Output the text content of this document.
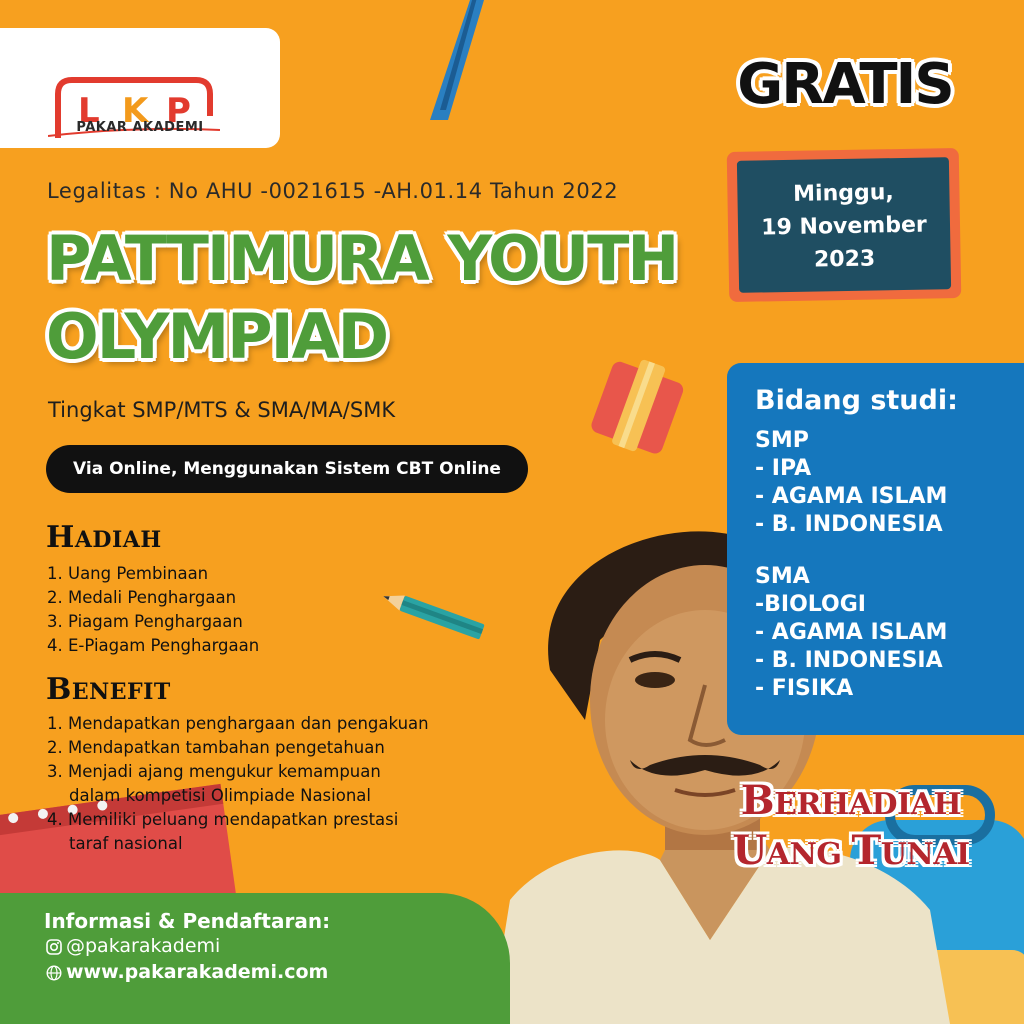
L K P
PAKAR AKADEMI
Legalitas : No AHU -0021615 -AH.01.14 Tahun 2022
PATTIMURA YOUTH
OLYMPIAD
Tingkat SMP/MTS & SMA/MA/SMK
Via Online, Menggunakan Sistem CBT Online
HADIAH
1. Uang Pembinaan
2. Medali Penghargaan
3. Piagam Penghargaan
4. E-Piagam Penghargaan
BENEFIT
1. Mendapatkan penghargaan dan pengakuan
2. Mendapatkan tambahan pengetahuan
3. Menjadi ajang mengukur kemampuan
dalam kompetisi Olimpiade Nasional
4. Memiliki peluang mendapatkan prestasi
taraf nasional
GRATIS
Minggu,
19 November
2023
Bidang studi:
SMP
- IPA
- AGAMA ISLAM
- B. INDONESIA
SMA
-BIOLOGI
- AGAMA ISLAM
- B. INDONESIA
- FISIKA
BERHADIAH
UANG TUNAI
Informasi & Pendaftaran:
@pakarakademi
www.pakarakademi.com
